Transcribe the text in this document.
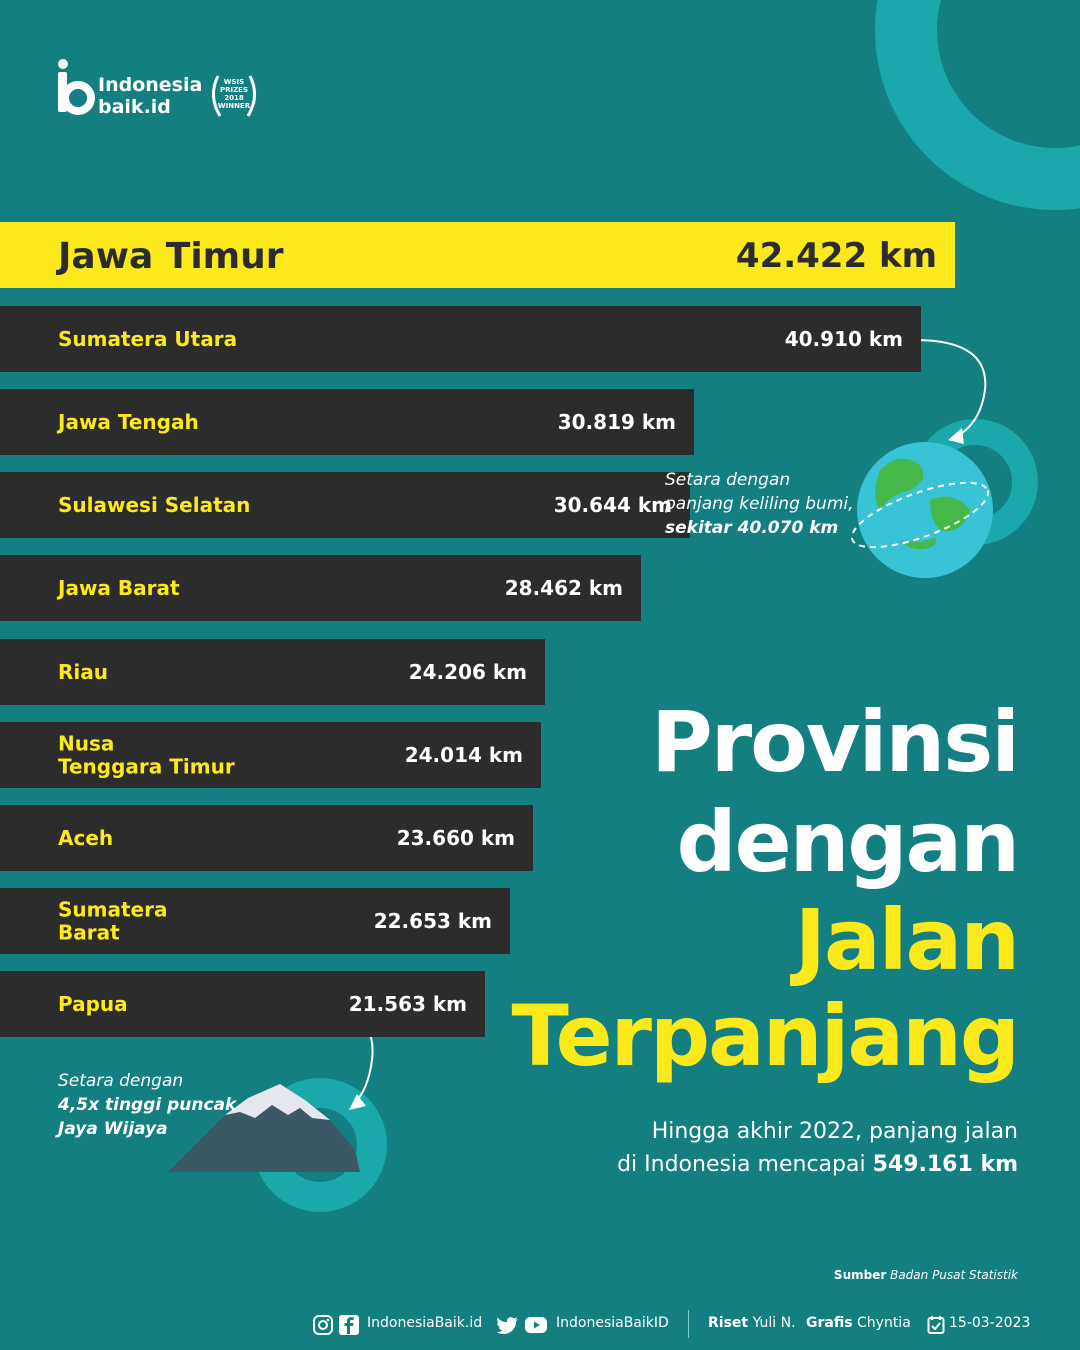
Indonesia
baik.id
WSIS
PRIZES
2018
WINNER
Jawa Timur	42.422 km
Sumatera Utara	40.910 km
Jawa Tengah	30.819 km
Sulawesi Selatan	30.644 km
Jawa Barat	28.462 km
Riau	24.206 km
Nusa Tenggara Timur	24.014 km
Aceh	23.660 km
Sumatera Barat	22.653 km
Papua	21.563 km
Setara dengan
panjang keliling bumi,
sekitar 40.070 km
Setara dengan
4,5x tinggi puncak
Jaya Wijaya
Provinsi
dengan
Jalan
Terpanjang
Hingga akhir 2022, panjang jalan
di Indonesia mencapai 549.161 km
Sumber Badan Pusat Statistik
IndonesiaBaik.id	IndonesiaBaikID	Riset Yuli N. Grafis Chyntia	15-03-2023
